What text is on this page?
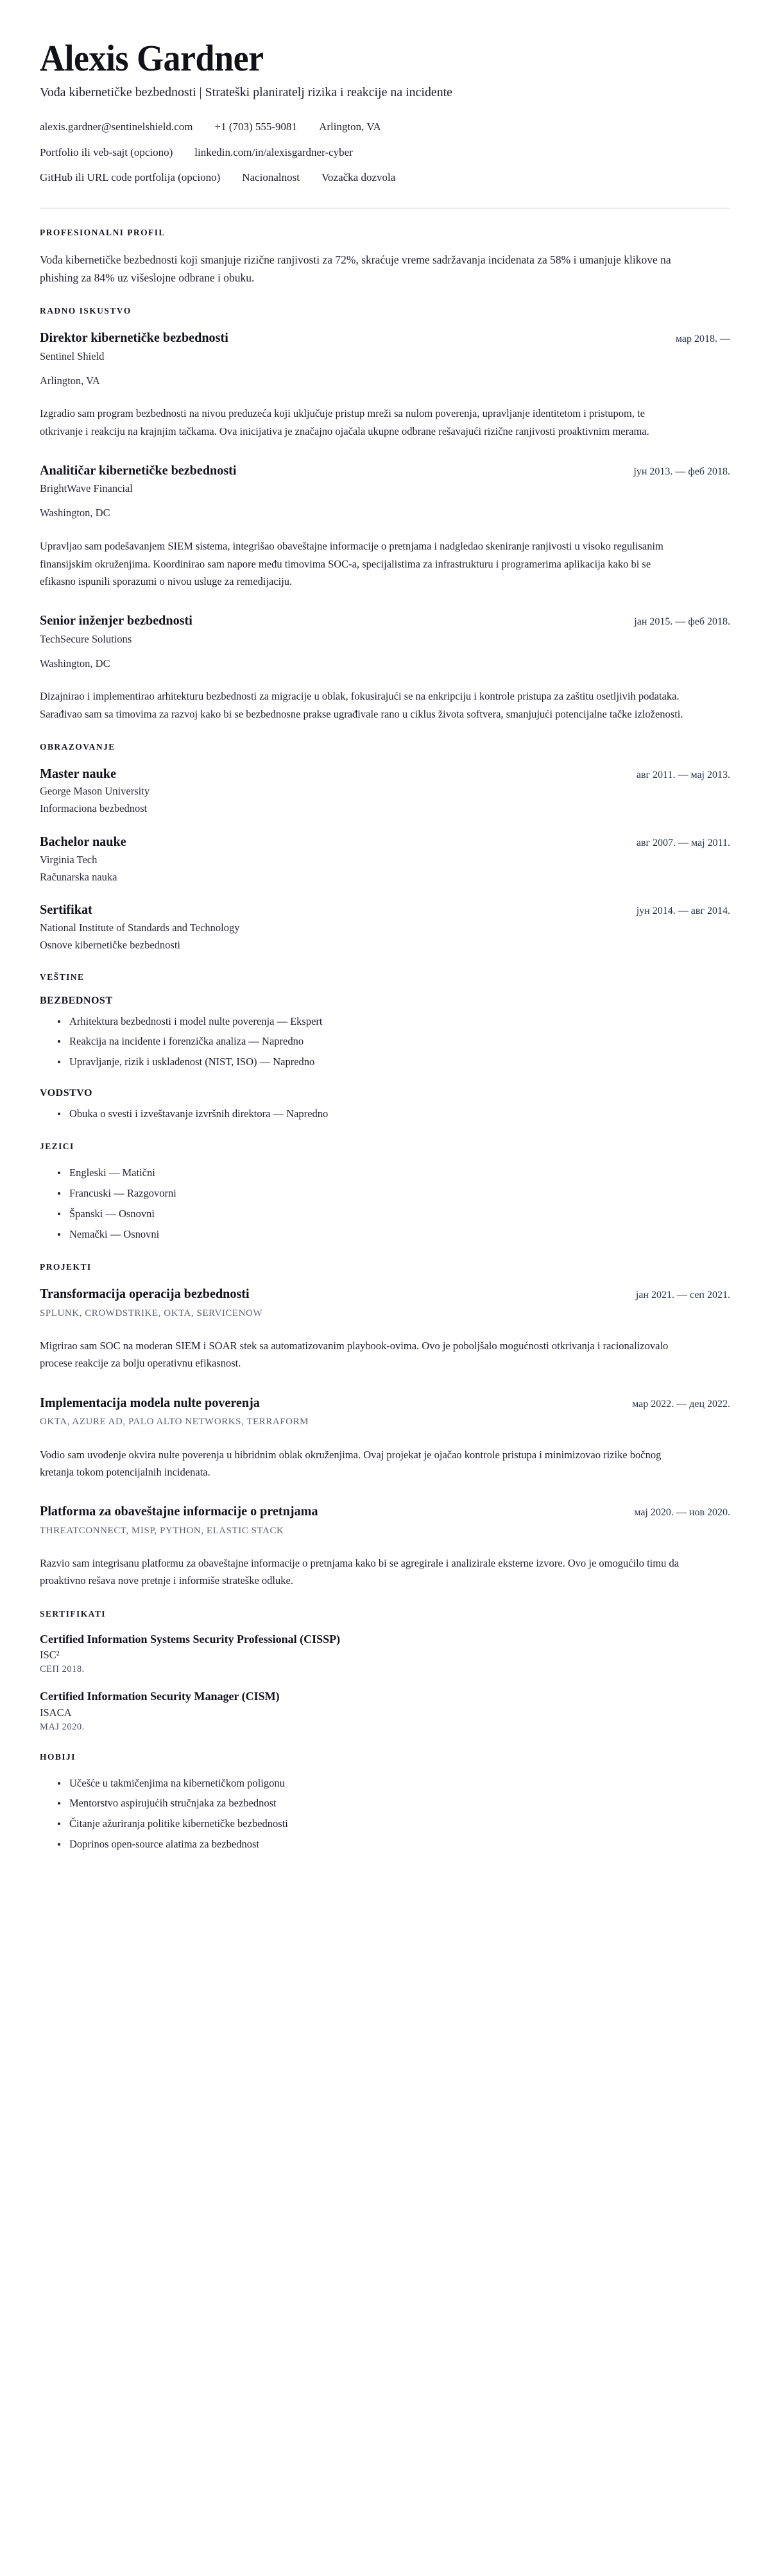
Alexis Gardner
Vođa kibernetičke bezbednosti | Strateški planiratelj rizika i reakcije na incidente
alexis.gardner@sentinelshield.com +1 (703) 555-9081 Arlington, VA
Portfolio ili veb-sajt (opciono) linkedin.com/in/alexisgardner-cyber
GitHub ili URL code portfolija (opciono) Nacionalnost Vozačka dozvola
PROFESIONALNI PROFIL

Vođa kibernetičke bezbednosti koji smanjuje rizične ranjivosti za 72%, skraćuje vreme sadržavanja incidenata za 58% i umanjuje klikove na phishing za 84% uz višeslojne odbrane i obuku.

RADNO ISKUSTVO
Direktor kibernetičke bezbednosti	мар 2018. —
Sentinel Shield
Arlington, VA
Izgradio sam program bezbednosti na nivou preduzeća koji uključuje pristup mreži sa nulom poverenja, upravljanje identitetom i pristupom, te otkrivanje i reakciju na krajnjim tačkama. Ova inicijativa je značajno ojačala ukupne odbrane rešavajući rizične ranjivosti proaktivnim merama.
Analitičar kibernetičke bezbednosti	јун 2013. — феб 2018.
BrightWave Financial
Washington, DC
Upravljao sam podešavanjem SIEM sistema, integrišao obaveštajne informacije o pretnjama i nadgledao skeniranje ranjivosti u visoko regulisanim finansijskim okruženjima. Koordinirao sam napore među timovima SOC-a, specijalistima za infrastrukturu i programerima aplikacija kako bi se efikasno ispunili sporazumi o nivou usluge za remedijaciju.
Senior inženjer bezbednosti	јан 2015. — феб 2018.
TechSecure Solutions
Washington, DC
Dizajnirao i implementirao arhitekturu bezbednosti za migracije u oblak, fokusirajući se na enkripciju i kontrole pristupa za zaštitu osetljivih podataka. Sarađivao sam sa timovima za razvoj kako bi se bezbednosne prakse ugrađivale rano u ciklus života softvera, smanjujući potencijalne tačke izloženosti.
OBRAZOVANJE
Master nauke	авг 2011. — мај 2013.
George Mason University
Informaciona bezbednost
Bachelor nauke	авг 2007. — мај 2011.
Virginia Tech
Računarska nauka
Sertifikat	јун 2014. — авг 2014.
National Institute of Standards and Technology
Osnove kibernetičke bezbednosti
VEŠTINE
BEZBEDNOST
Arhitektura bezbednosti i model nulte poverenja — Ekspert
Reakcija na incidente i forenzička analiza — Napredno
Upravljanje, rizik i usklađenost (NIST, ISO) — Napredno
VODSTVO
Obuka o svesti i izveštavanje izvršnih direktora — Napredno
JEZICI
Engleski — Matični
Francuski — Razgovorni
Španski — Osnovni
Nemački — Osnovni
PROJEKTI
Transformacija operacija bezbednosti	јан 2021. — сеп 2021.
SPLUNK, CROWDSTRIKE, OKTA, SERVICENOW
Migrirao sam SOC na moderan SIEM i SOAR stek sa automatizovanim playbook-ovima. Ovo je poboljšalo mogućnosti otkrivanja i racionalizovalo procese reakcije za bolju operativnu efikasnost.
Implementacija modela nulte poverenja	мар 2022. — дец 2022.
OKTA, AZURE AD, PALO ALTO NETWORKS, TERRAFORM
Vodio sam uvođenje okvira nulte poverenja u hibridnim oblak okruženjima. Ovaj projekat je ojačao kontrole pristupa i minimizovao rizike bočnog kretanja tokom potencijalnih incidenata.
Platforma za obaveštajne informacije o pretnjama	мај 2020. — нов 2020.
THREATCONNECT, MISP, PYTHON, ELASTIC STACK
Razvio sam integrisanu platformu za obaveštajne informacije o pretnjama kako bi se agregirale i analizirale eksterne izvore. Ovo je omogućilo timu da proaktivno rešava nove pretnje i informiše strateške odluke.
SERTIFIKATI
Certified Information Systems Security Professional (CISSP)
ISC²
СЕП 2018.
Certified Information Security Manager (CISM)
ISACA
МАЈ 2020.
HOBIJI
Učešće u takmičenjima na kibernetičkom poligonu
Mentorstvo aspirujućih stručnjaka za bezbednost
Čitanje ažuriranja politike kibernetičke bezbednosti
Doprinos open-source alatima za bezbednost
